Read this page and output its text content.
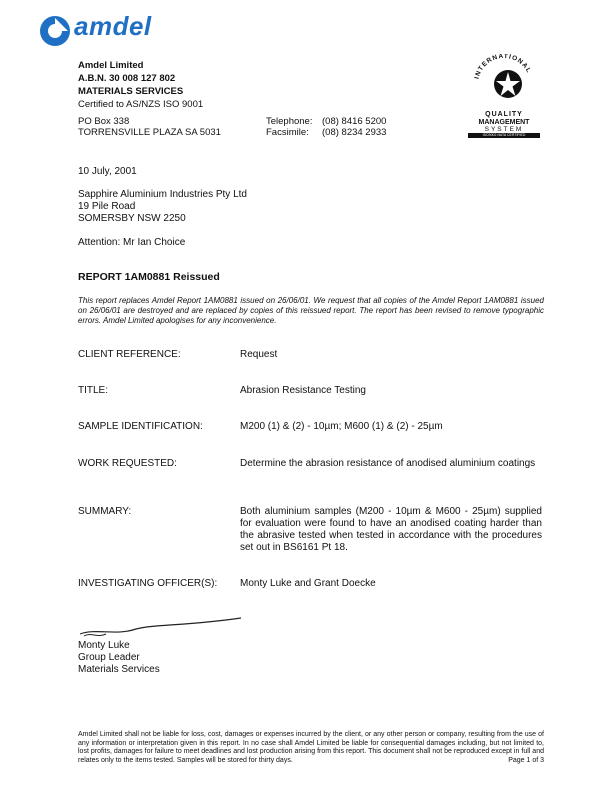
amdel
Amdel Limited
A.B.N. 30 008 127 802
MATERIALS SERVICES
Certified to AS/NZS ISO 9001
PO Box 338
TORRENSVILLE PLAZA SA 5031
Telephone: (08) 8416 5200
Facsimile: (08) 8234 2933
INTERNATIONAL
QUALITY
MANAGEMENT
SYSTEM
ISO9002 NATA CERTIFIED
10 July, 2001
Sapphire Aluminium Industries Pty Ltd
19 Pile Road
SOMERSBY NSW 2250
Attention: Mr Ian Choice
REPORT 1AM0881 Reissued
This report replaces Amdel Report 1AM0881 issued on 26/06/01. We request that all copies of the Amdel Report 1AM0881 issued on 26/06/01 are destroyed and are replaced by copies of this reissued report. The report has been revised to remove typographic errors. Amdel Limited apologises for any inconvenience.
CLIENT REFERENCE:	Request
TITLE:	Abrasion Resistance Testing
SAMPLE IDENTIFICATION:	M200 (1) & (2) - 10µm; M600 (1) & (2) - 25µm
WORK REQUESTED:	Determine the abrasion resistance of anodised aluminium coatings
SUMMARY:	Both aluminium samples (M200 - 10µm & M600 - 25µm) supplied for evaluation were found to have an anodised coating harder than the abrasive tested when tested in accordance with the procedures set out in BS6161 Pt 18.
INVESTIGATING OFFICER(S): Monty Luke and Grant Doecke
Monty Luke
Group Leader
Materials Services
Amdel Limited shall not be liable for loss, cost, damages or expenses incurred by the client, or any other person or company, resulting from the use of any information or interpretation given in this report. In no case shall Amdel Limited be liable for consequential damages including, but not limited to, lost profits, damages for failure to meet deadlines and lost production arising from this report. This document shall not be reproduced except in full and relates only to the items tested. Samples will be stored for thirty days.	Page 1 of 3
